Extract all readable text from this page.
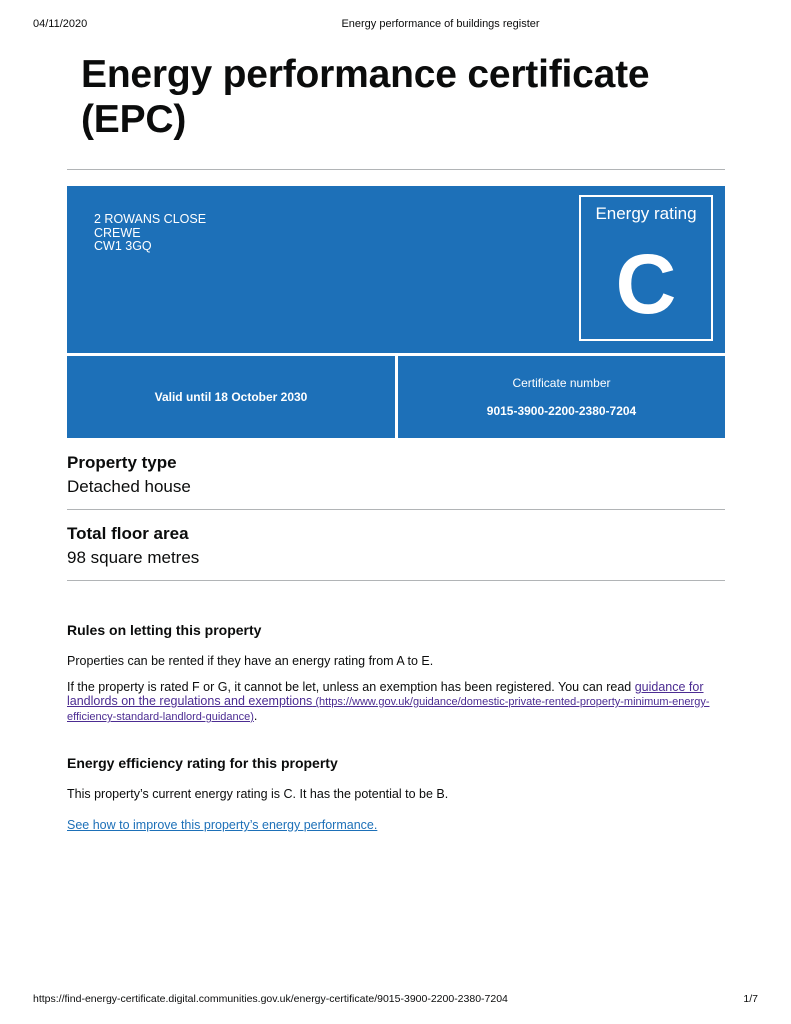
04/11/2020	Energy performance of buildings register
Energy performance certificate (EPC)
2 ROWANS CLOSE
CREWE
CW1 3GQ
Energy rating
C
Valid until 18 October 2030
Certificate number
9015-3900-2200-2380-7204
Property type
Detached house
Total floor area
98 square metres
Rules on letting this property
Properties can be rented if they have an energy rating from A to E.
If the property is rated F or G, it cannot be let, unless an exemption has been registered. You can read guidance for landlords on the regulations and exemptions (https://www.gov.uk/guidance/domestic-private-rented-property-minimum-energy-efficiency-standard-landlord-guidance).
Energy efficiency rating for this property
This property’s current energy rating is C. It has the potential to be B.
See how to improve this property’s energy performance.
https://find-energy-certificate.digital.communities.gov.uk/energy-certificate/9015-3900-2200-2380-7204	1/7
